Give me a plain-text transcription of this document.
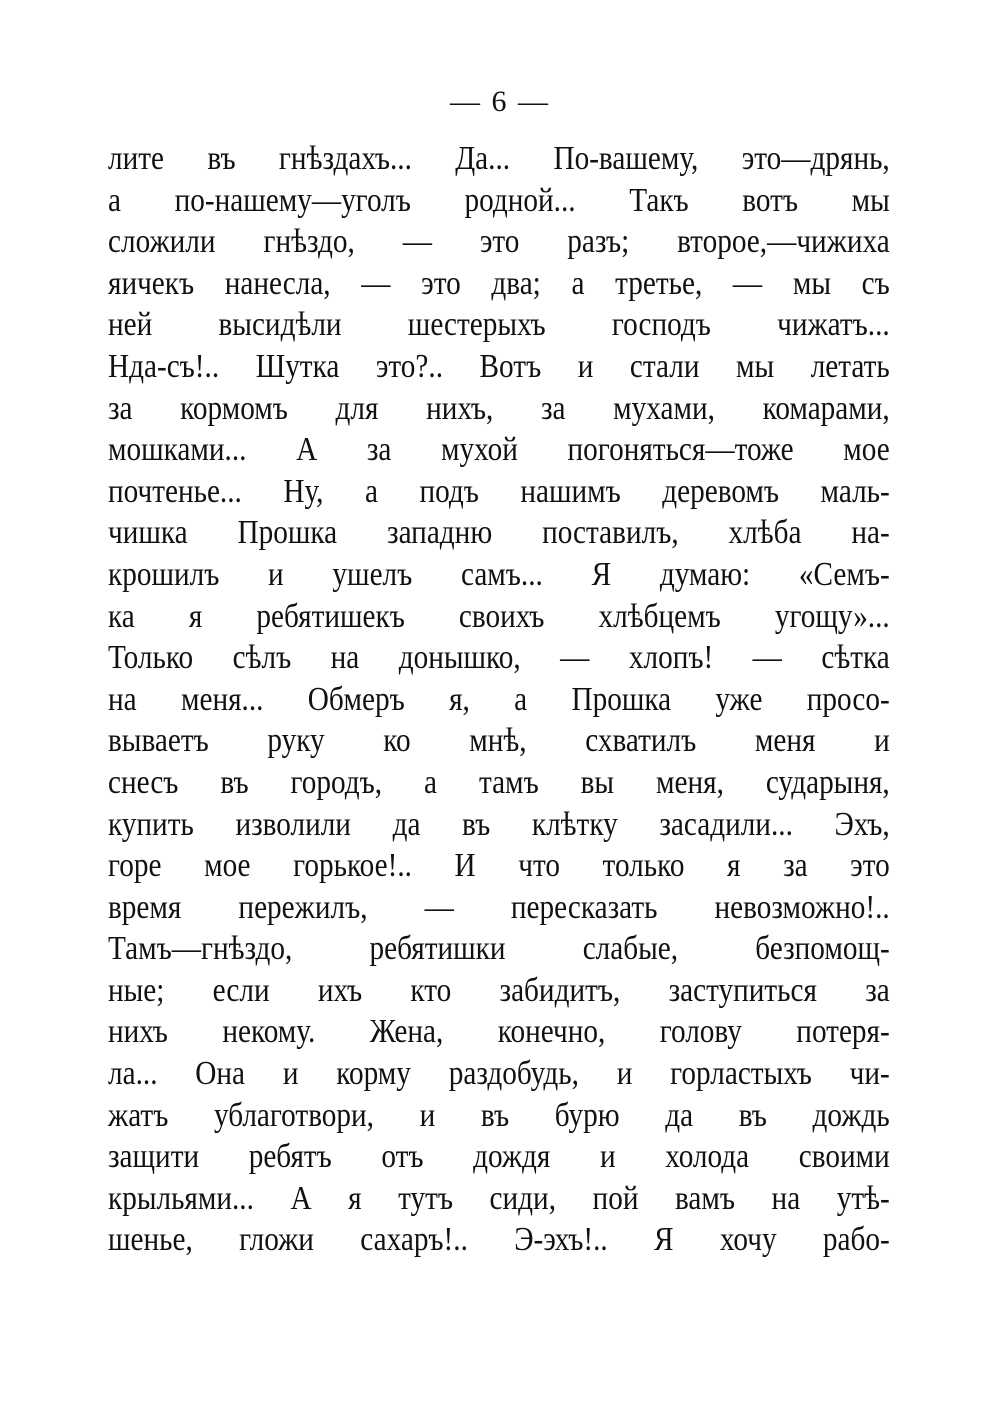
— 6 —
лите въ гнѣздахъ... Да... По-вашему, это—дрянь,
а по-нашему—уголъ родной... Такъ вотъ мы
сложили гнѣздо, — это разъ; второе,—чижиха
яичекъ нанесла, — это два; а третье, — мы съ
ней высидѣли шестерыхъ господъ чижатъ...
Нда-съ!.. Шутка это?.. Вотъ и стали мы летать
за кормомъ для нихъ, за мухами, комарами,
мошками... А за мухой погоняться—тоже мое
почтенье... Ну, а подъ нашимъ деревомъ маль-
чишка Прошка западню поставилъ, хлѣба на-
крошилъ и ушелъ самъ... Я думаю: «Семъ-
ка я ребятишекъ своихъ хлѣбцемъ угощу»...
Только сѣлъ на донышко, — хлопъ! — сѣтка
на меня... Обмеръ я, а Прошка уже просо-
вываетъ руку ко мнѣ, схватилъ меня и
снесъ въ городъ, а тамъ вы меня, сударыня,
купить изволили да въ клѣтку засадили... Эхъ,
горе мое горькое!.. И что только я за это
время пережилъ, — пересказать невозможно!..
Тамъ—гнѣздо, ребятишки слабые, безпомощ-
ные; если ихъ кто забидитъ, заступиться за
нихъ некому. Жена, конечно, голову потеря-
ла... Она и корму раздобудь, и горластыхъ чи-
жатъ ублаготвори, и въ бурю да въ дождь
защити ребятъ отъ дождя и холода своими
крыльями... А я тутъ сиди, пой вамъ на утѣ-
шенье, гложи сахаръ!.. Э-эхъ!.. Я хочу рабо-
